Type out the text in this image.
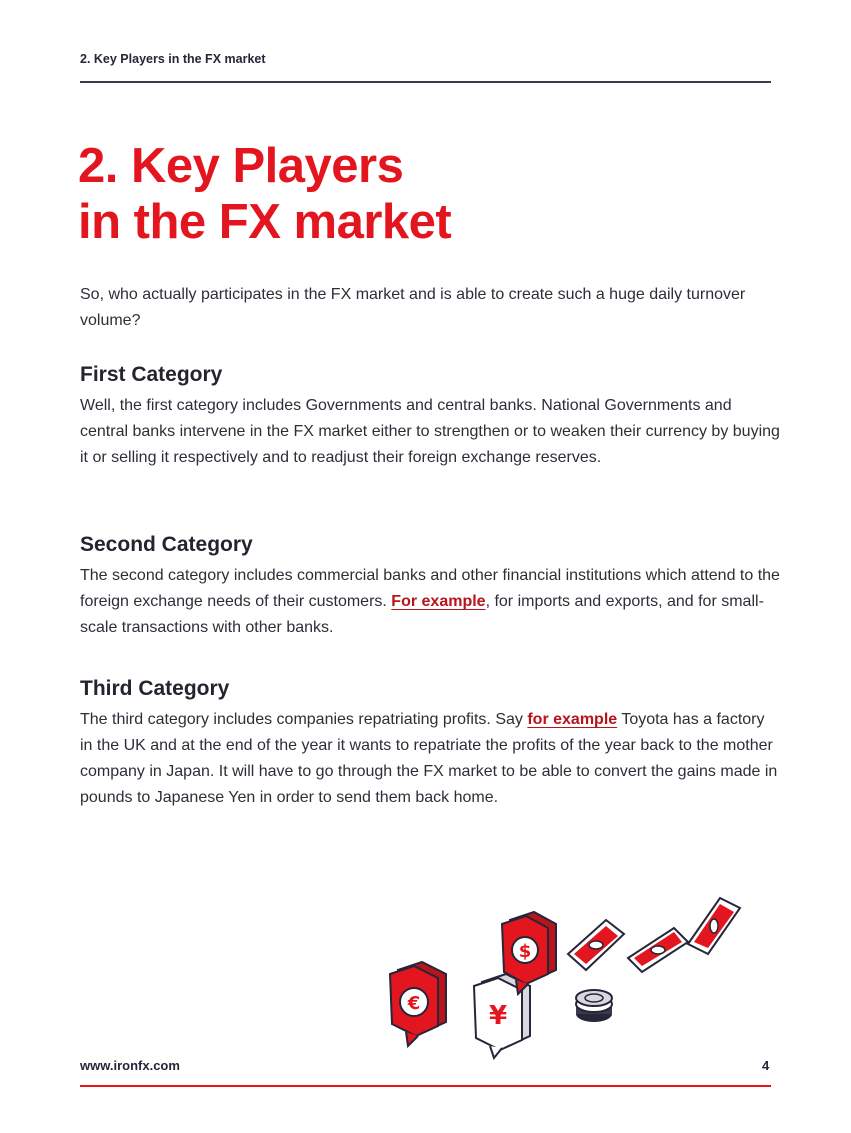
2. Key Players in the FX market
2. Key Players
in the FX market

So, who actually participates in the FX market and is able to create such a huge daily turnover volume?

First Category

Well, the first category includes Governments and central banks. National Governments and central banks intervene in the FX market either to strengthen or to weaken their currency by buying it or selling it respectively and to readjust their foreign exchange reserves.

Second Category

The second category includes commercial banks and other financial institutions which attend to the foreign exchange needs of their customers. For example, for imports and exports, and for small-scale transactions with other banks.

Third Category

The third category includes companies repatriating profits. Say for example Toyota has a factory in the UK and at the end of the year it wants to repatriate the profits of the year back to the mother company in Japan. It will have to go through the FX market to be able to convert the gains made in pounds to Japanese Yen in order to send them back home.

€	¥
$
www.ironfx.com	4
